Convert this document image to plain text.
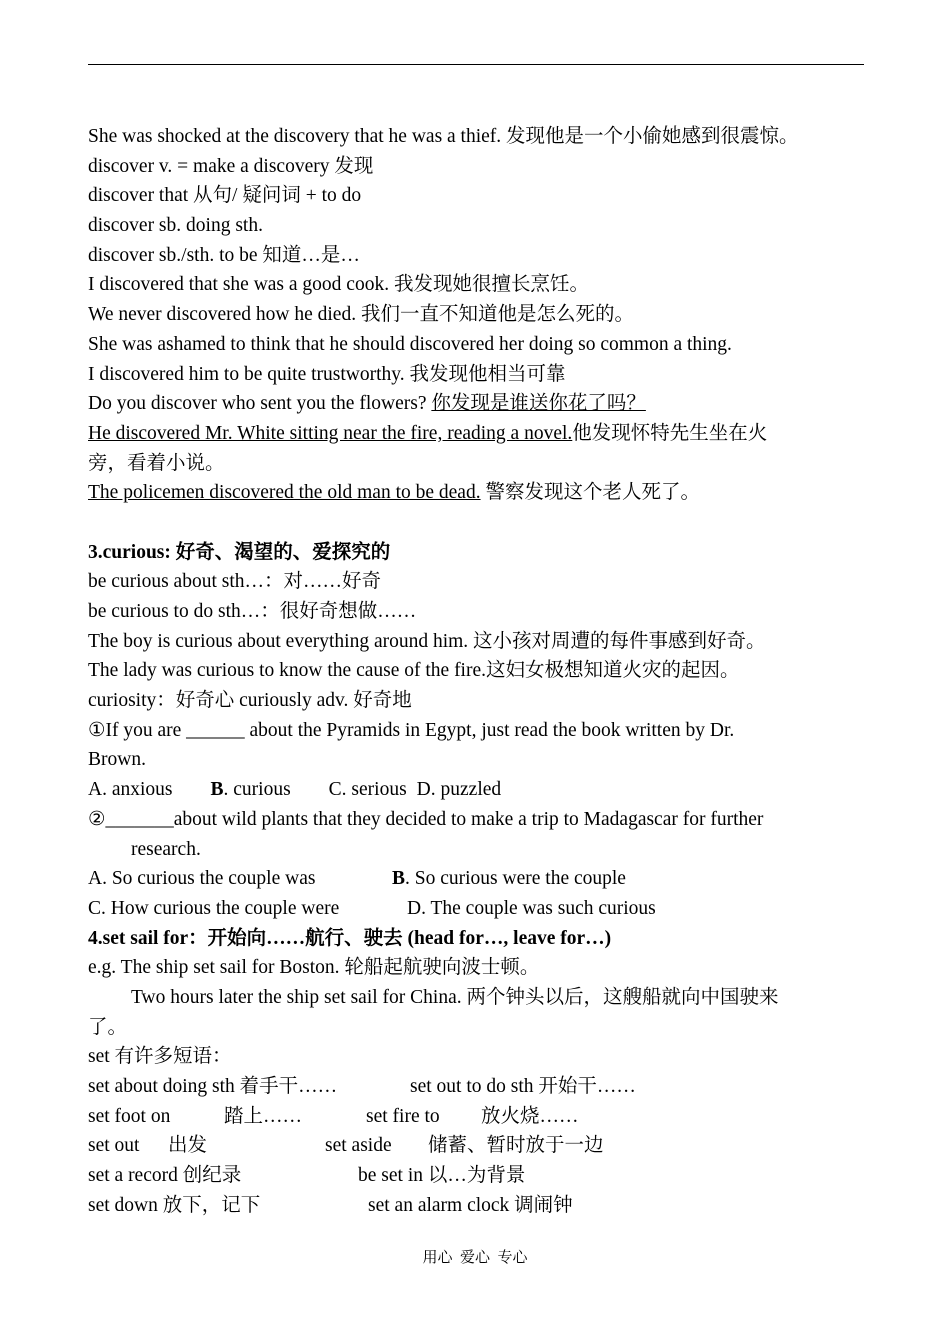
She was shocked at the discovery that he was a thief. 发现他是一个小偷她感到很震惊。
discover v. = make a discovery 发现
discover that 从句/ 疑问词 + to do
discover sb. doing sth.
discover sb./sth. to be 知道…是…
I discovered that she was a good cook. 我发现她很擅长烹饪。
We never discovered how he died. 我们一直不知道他是怎么死的。
She was ashamed to think that he should discovered her doing so common a thing.
I discovered him to be quite trustworthy. 我发现他相当可靠
Do you discover who sent you the flowers? 你发现是谁送你花了吗？
He discovered Mr. White sitting near the fire, reading a novel.他发现怀特先生坐在火
旁，看着小说。
The policemen discovered the old man to be dead. 警察发现这个老人死了。
3.curious: 好奇、渴望的、爱探究的
be curious about sth…：对……好奇
be curious to do sth…：很好奇想做……
The boy is curious about everything around him. 这小孩对周遭的每件事感到好奇。
The lady was curious to know the cause of the fire.这妇女极想知道火灾的起因。
curiosity：好奇心 curiously adv. 好奇地
①If you are ______ about the Pyramids in Egypt, just read the book written by Dr.
Brown.
A. anxious B. curious C. serious D. puzzled
②_______about wild plants that they decided to make a trip to Madagascar for further
research.
A. So curious the couple was	B. So curious were the couple
C. How curious the couple were	D. The couple was such curious
4.set sail for：开始向……航行、驶去 (head for…, leave for…)
e.g. The ship set sail for Boston. 轮船起航驶向波士顿。
Two hours later the ship set sail for China. 两个钟头以后，这艘船就向中国驶来
了。
set 有许多短语：
set about doing sth 着手干……	set out to do sth 开始干……
set foot on	踏上……	set fire to 放火烧……
set out 出发	set aside 储蓄、暂时放于一边
set a record 创纪录	be set in 以…为背景
set down 放下，记下	set an alarm clock 调闹钟
用心  爱心  专心
